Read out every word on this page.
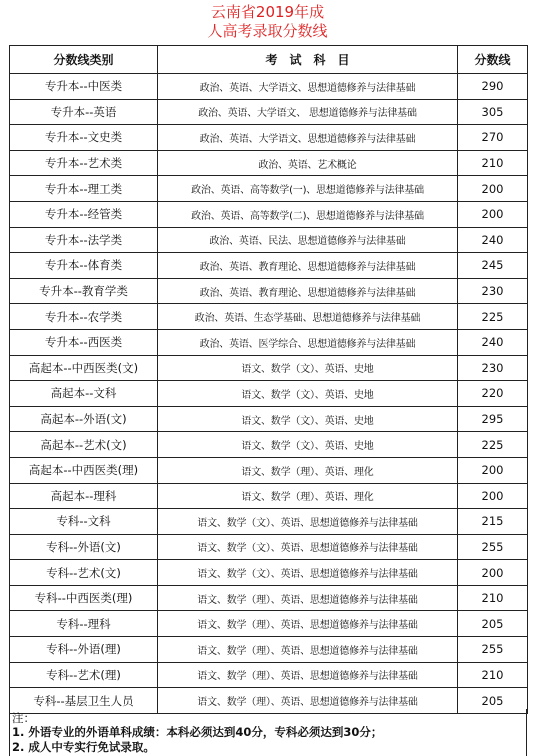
云南省2019年成
人高考录取分数线
分数线类别	考　试　科　目	分数线
专升本--中医类	政治、英语、大学语文、思想道德修养与法律基础	290
专升本--英语	政治、英语、大学语文、 思想道德修养与法律基础	305
专升本--文史类	政治、英语、大学语文、思想道德修养与法律基础	270
专升本--艺术类	政治、英语、艺术概论	210
专升本--理工类	政治、英语、高等数学(一)、思想道德修养与法律基础	200
专升本--经管类	政治、英语、高等数学(二)、思想道德修养与法律基础	200
专升本--法学类	政治、英语、民法、思想道德修养与法律基础	240
专升本--体育类	政治、英语、教育理论、思想道德修养与法律基础	245
专升本--教育学类	政治、英语、教育理论、思想道德修养与法律基础	230
专升本--农学类	政治、英语、生态学基础、思想道德修养与法律基础	225
专升本--西医类	政治、英语、医学综合、思想道德修养与法律基础	240
高起本--中西医类(文)	语文、数学（文）、英语、史地	230
高起本--文科	语文、数学（文）、英语、史地	220
高起本--外语(文)	语文、数学（文）、英语、史地	295
高起本--艺术(文)	语文、数学（文）、英语、史地	225
高起本--中西医类(理)	语文、数学（理）、英语、理化	200
高起本--理科	语文、数学（理）、英语、理化	200
专科--文科	语文、数学（文）、英语、思想道德修养与法律基础	215
专科--外语(文)	语文、数学（文）、英语、思想道德修养与法律基础	255
专科--艺术(文)	语文、数学（文）、英语、思想道德修养与法律基础	200
专科--中西医类(理)	语文、数学（理）、英语、思想道德修养与法律基础	210
专科--理科	语文、数学（理）、英语、思想道德修养与法律基础	205
专科--外语(理)	语文、数学（理）、英语、思想道德修养与法律基础	255
专科--艺术(理)	语文、数学（理）、英语、思想道德修养与法律基础	210
专科--基层卫生人员	语文、数学（理）、英语、思想道德修养与法律基础	205
注：
1. 外语专业的外语单科成绩：本科必须达到40分，专科必须达到30分；
2. 成人中专实行免试录取。
